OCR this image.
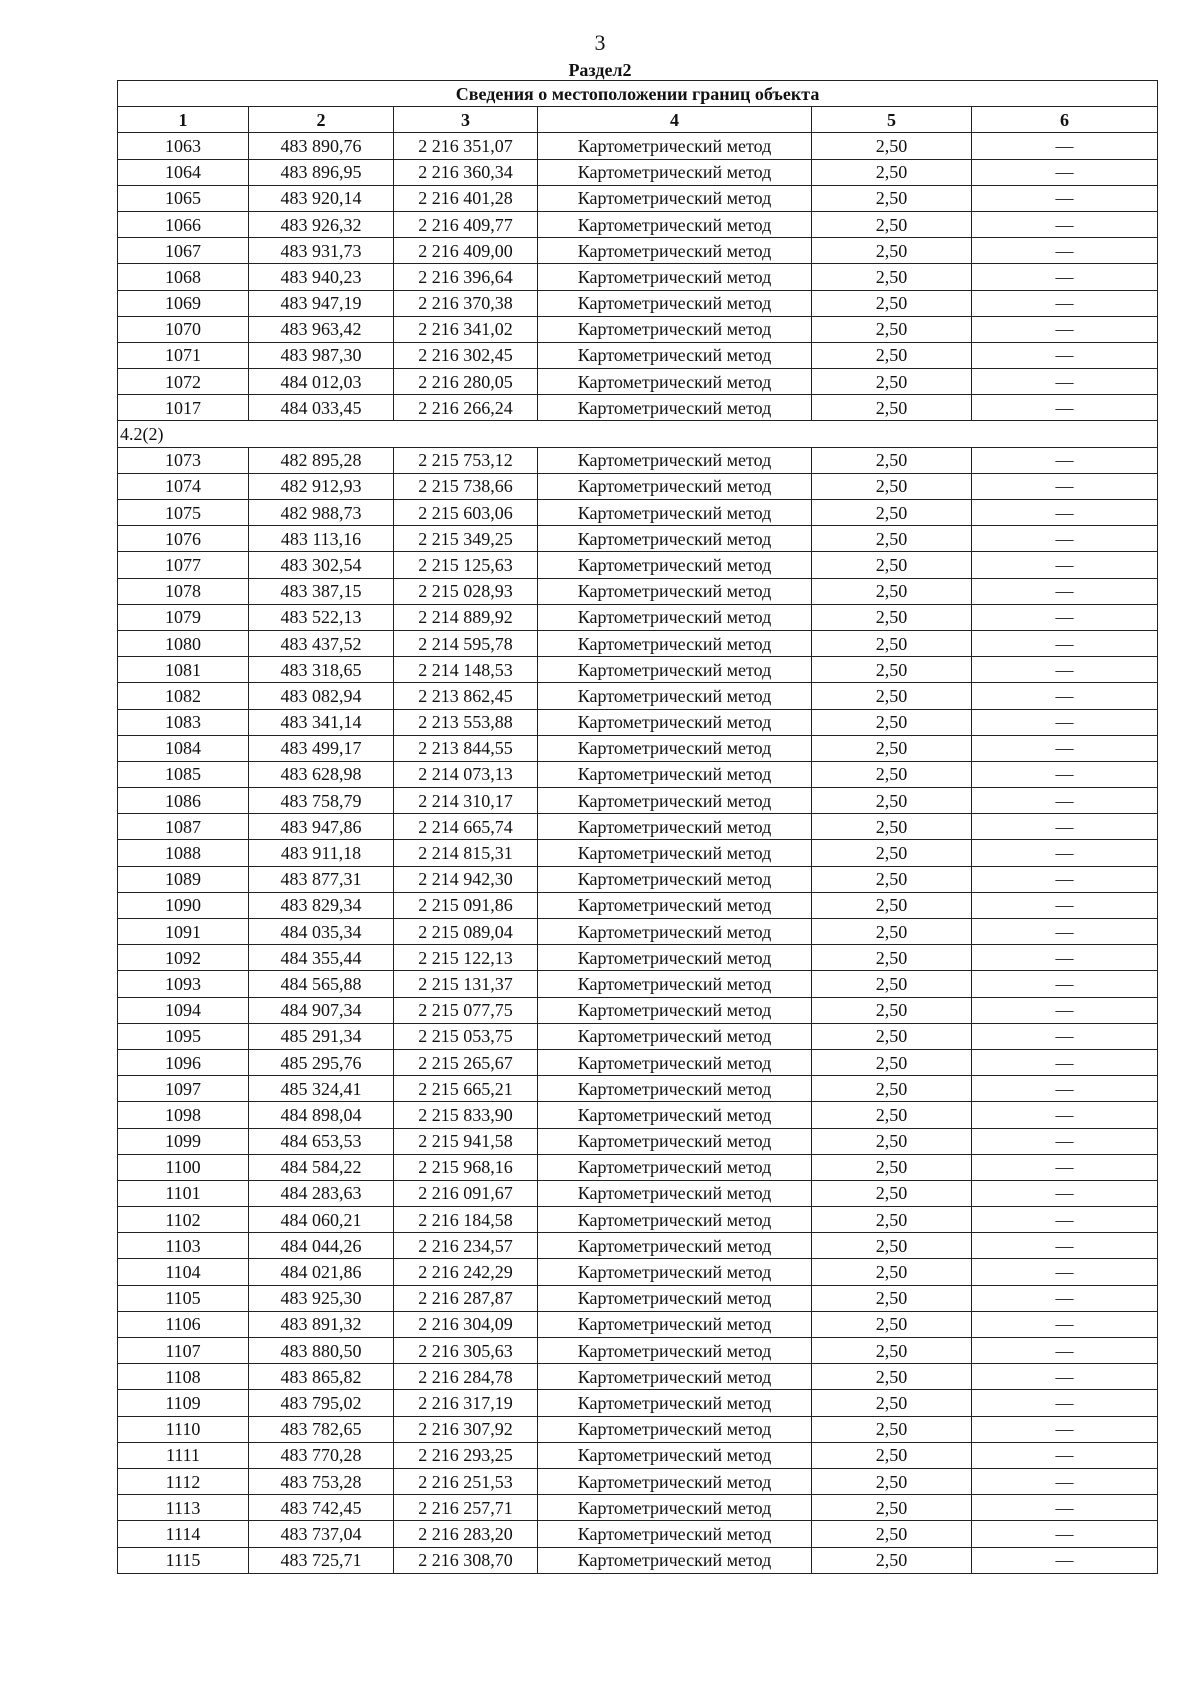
3
Раздел2
Сведения о местоположении границ объекта					
1	2	3	4	5	6
1063	483 890,76	2 216 351,07	Картометрический метод	2,50	—
1064	483 896,95	2 216 360,34	Картометрический метод	2,50	—
1065	483 920,14	2 216 401,28	Картометрический метод	2,50	—
1066	483 926,32	2 216 409,77	Картометрический метод	2,50	—
1067	483 931,73	2 216 409,00	Картометрический метод	2,50	—
1068	483 940,23	2 216 396,64	Картометрический метод	2,50	—
1069	483 947,19	2 216 370,38	Картометрический метод	2,50	—
1070	483 963,42	2 216 341,02	Картометрический метод	2,50	—
1071	483 987,30	2 216 302,45	Картометрический метод	2,50	—
1072	484 012,03	2 216 280,05	Картометрический метод	2,50	—
1017	484 033,45	2 216 266,24	Картометрический метод	2,50	—
4.2(2)					
1073	482 895,28	2 215 753,12	Картометрический метод	2,50	—
1074	482 912,93	2 215 738,66	Картометрический метод	2,50	—
1075	482 988,73	2 215 603,06	Картометрический метод	2,50	—
1076	483 113,16	2 215 349,25	Картометрический метод	2,50	—
1077	483 302,54	2 215 125,63	Картометрический метод	2,50	—
1078	483 387,15	2 215 028,93	Картометрический метод	2,50	—
1079	483 522,13	2 214 889,92	Картометрический метод	2,50	—
1080	483 437,52	2 214 595,78	Картометрический метод	2,50	—
1081	483 318,65	2 214 148,53	Картометрический метод	2,50	—
1082	483 082,94	2 213 862,45	Картометрический метод	2,50	—
1083	483 341,14	2 213 553,88	Картометрический метод	2,50	—
1084	483 499,17	2 213 844,55	Картометрический метод	2,50	—
1085	483 628,98	2 214 073,13	Картометрический метод	2,50	—
1086	483 758,79	2 214 310,17	Картометрический метод	2,50	—
1087	483 947,86	2 214 665,74	Картометрический метод	2,50	—
1088	483 911,18	2 214 815,31	Картометрический метод	2,50	—
1089	483 877,31	2 214 942,30	Картометрический метод	2,50	—
1090	483 829,34	2 215 091,86	Картометрический метод	2,50	—
1091	484 035,34	2 215 089,04	Картометрический метод	2,50	—
1092	484 355,44	2 215 122,13	Картометрический метод	2,50	—
1093	484 565,88	2 215 131,37	Картометрический метод	2,50	—
1094	484 907,34	2 215 077,75	Картометрический метод	2,50	—
1095	485 291,34	2 215 053,75	Картометрический метод	2,50	—
1096	485 295,76	2 215 265,67	Картометрический метод	2,50	—
1097	485 324,41	2 215 665,21	Картометрический метод	2,50	—
1098	484 898,04	2 215 833,90	Картометрический метод	2,50	—
1099	484 653,53	2 215 941,58	Картометрический метод	2,50	—
1100	484 584,22	2 215 968,16	Картометрический метод	2,50	—
1101	484 283,63	2 216 091,67	Картометрический метод	2,50	—
1102	484 060,21	2 216 184,58	Картометрический метод	2,50	—
1103	484 044,26	2 216 234,57	Картометрический метод	2,50	—
1104	484 021,86	2 216 242,29	Картометрический метод	2,50	—
1105	483 925,30	2 216 287,87	Картометрический метод	2,50	—
1106	483 891,32	2 216 304,09	Картометрический метод	2,50	—
1107	483 880,50	2 216 305,63	Картометрический метод	2,50	—
1108	483 865,82	2 216 284,78	Картометрический метод	2,50	—
1109	483 795,02	2 216 317,19	Картометрический метод	2,50	—
1110	483 782,65	2 216 307,92	Картометрический метод	2,50	—
1111	483 770,28	2 216 293,25	Картометрический метод	2,50	—
1112	483 753,28	2 216 251,53	Картометрический метод	2,50	—
1113	483 742,45	2 216 257,71	Картометрический метод	2,50	—
1114	483 737,04	2 216 283,20	Картометрический метод	2,50	—
1115	483 725,71	2 216 308,70	Картометрический метод	2,50	—
